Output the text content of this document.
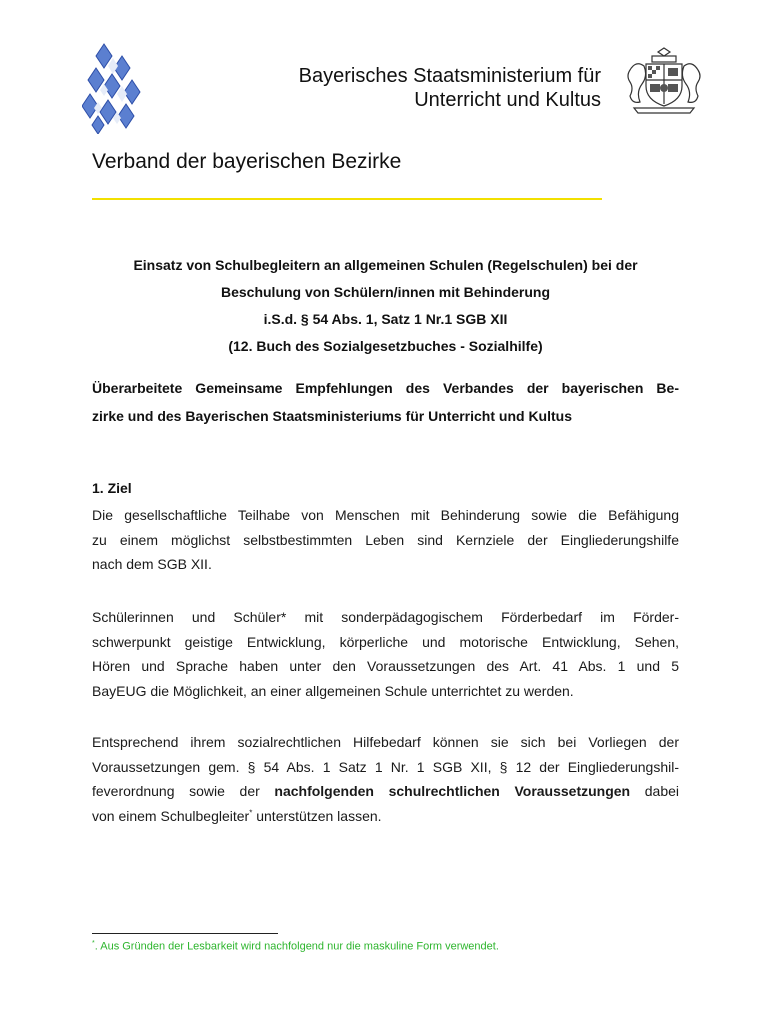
Bayerisches Staatsministerium für
Unterricht und Kultus
Verband der bayerischen Bezirke

Einsatz von Schulbegleitern an allgemeinen Schulen (Regelschulen) bei der

Beschulung von Schülern/innen mit Behinderung

i.S.d. § 54 Abs. 1, Satz 1 Nr.1 SGB XII

(12. Buch des Sozialgesetzbuches - Sozialhilfe)

Überarbeitete Gemeinsame Empfehlungen des Verbandes der bayerischen Be-
zirke und des Bayerischen Staatsministeriums für Unterricht und Kultus
1. Ziel

Die gesellschaftliche Teilhabe von Menschen mit Behinderung sowie die Befähigung
zu einem möglichst selbstbestimmten Leben sind Kernziele der Eingliederungshilfe
nach dem SGB XII.

Schülerinnen und Schüler* mit sonderpädagogischem Förderbedarf im Förder-
schwerpunkt geistige Entwicklung, körperliche und motorische Entwicklung, Sehen,
Hören und Sprache haben unter den Voraussetzungen des Art. 41 Abs. 1 und 5
BayEUG die Möglichkeit, an einer allgemeinen Schule unterrichtet zu werden.

Entsprechend ihrem sozialrechtlichen Hilfebedarf können sie sich bei Vorliegen der
Voraussetzungen gem. § 54 Abs. 1 Satz 1 Nr. 1 SGB XII, § 12 der Eingliederungshil-
feverordnung sowie der nachfolgenden schulrechtlichen Voraussetzungen dabei
von einem Schulbegleiter* unterstützen lassen.

*. Aus Gründen der Lesbarkeit wird nachfolgend nur die maskuline Form verwendet.
